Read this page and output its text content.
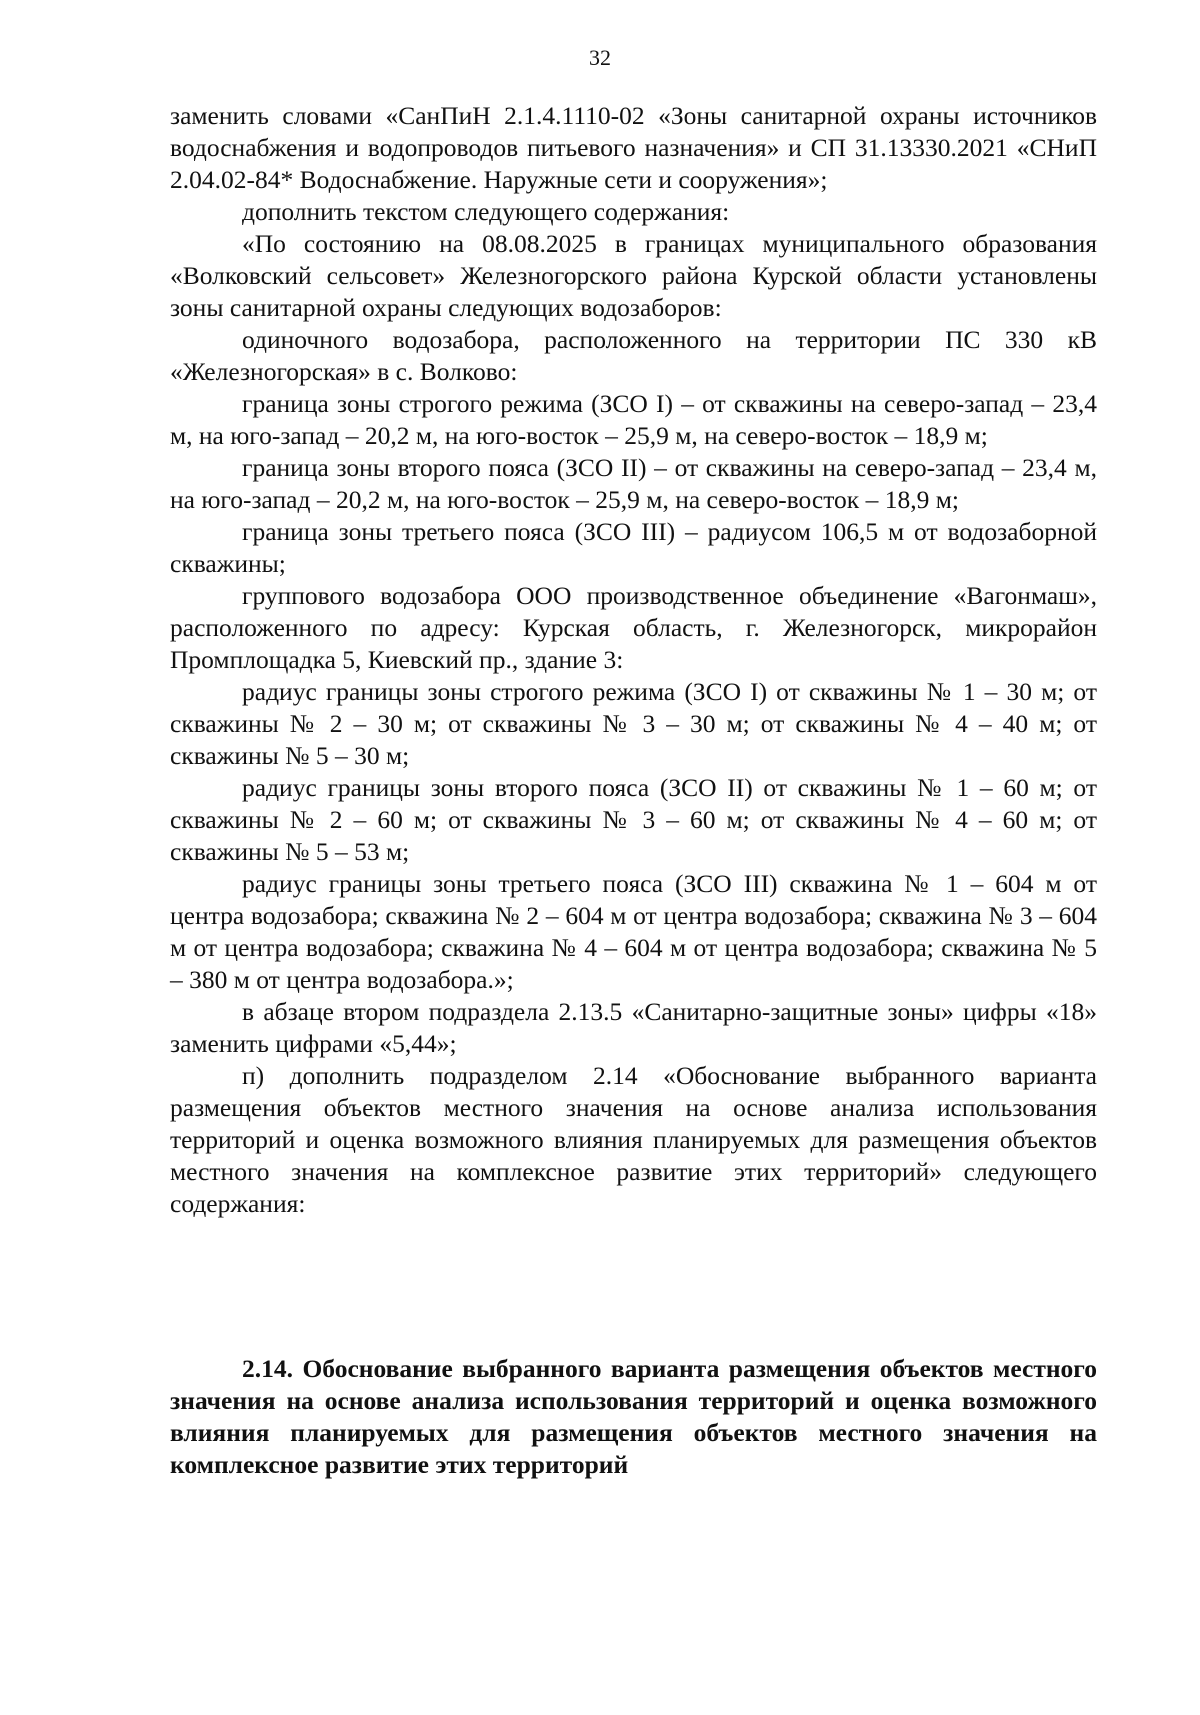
32

заменить словами «СанПиН 2.1.4.1110-02 «Зоны санитарной охраны источников водоснабжения и водопроводов питьевого назначения» и СП 31.13330.2021 «СНиП 2.04.02-84* Водоснабжение. Наружные сети и сооружения»;

дополнить текстом следующего содержания:

«По состоянию на 08.08.2025 в границах муниципального образования «Волковский сельсовет» Железногорского района Курской области установлены зоны санитарной охраны следующих водозаборов:

одиночного водозабора, расположенного на территории ПС 330 кВ «Железногорская» в с. Волково:

граница зоны строгого режима (ЗСО I) – от скважины на северо-запад – 23,4 м, на юго-запад – 20,2 м, на юго-восток – 25,9 м, на северо-восток – 18,9 м;

граница зоны второго пояса (ЗСО II) – от скважины на северо-запад – 23,4 м, на юго-запад – 20,2 м, на юго-восток – 25,9 м, на северо-восток – 18,9 м;

граница зоны третьего пояса (ЗСО III) – радиусом 106,5 м от водозаборной скважины;

группового водозабора ООО производственное объединение «Вагонмаш», расположенного по адресу: Курская область, г. Железногорск, микрорайон Промплощадка 5, Киевский пр., здание 3:

радиус границы зоны строгого режима (ЗСО I) от скважины № 1 – 30 м; от скважины № 2 – 30 м; от скважины № 3 – 30 м; от скважины № 4 – 40 м; от скважины № 5 – 30 м;

радиус границы зоны второго пояса (ЗСО II) от скважины № 1 – 60 м; от скважины № 2 – 60 м; от скважины № 3 – 60 м; от скважины № 4 – 60 м; от скважины № 5 – 53 м;

радиус границы зоны третьего пояса (ЗСО III) скважина № 1 – 604 м от центра водозабора; скважина № 2 – 604 м от центра водозабора; скважина № 3 – 604 м от центра водозабора; скважина № 4 – 604 м от центра водозабора; скважина № 5 – 380 м от центра водозабора.»;

в абзаце втором подраздела 2.13.5 «Санитарно-защитные зоны» цифры «18» заменить цифрами «5,44»;

п) дополнить подразделом 2.14 «Обоснование выбранного варианта размещения объектов местного значения на основе анализа использования территорий и оценка возможного влияния планируемых для размещения объектов местного значения на комплексное развитие этих территорий» следующего содержания:

2.14. Обоснование выбранного варианта размещения объектов местного значения на основе анализа использования территорий и оценка возможного влияния планируемых для размещения объектов местного значения на комплексное развитие этих территорий
